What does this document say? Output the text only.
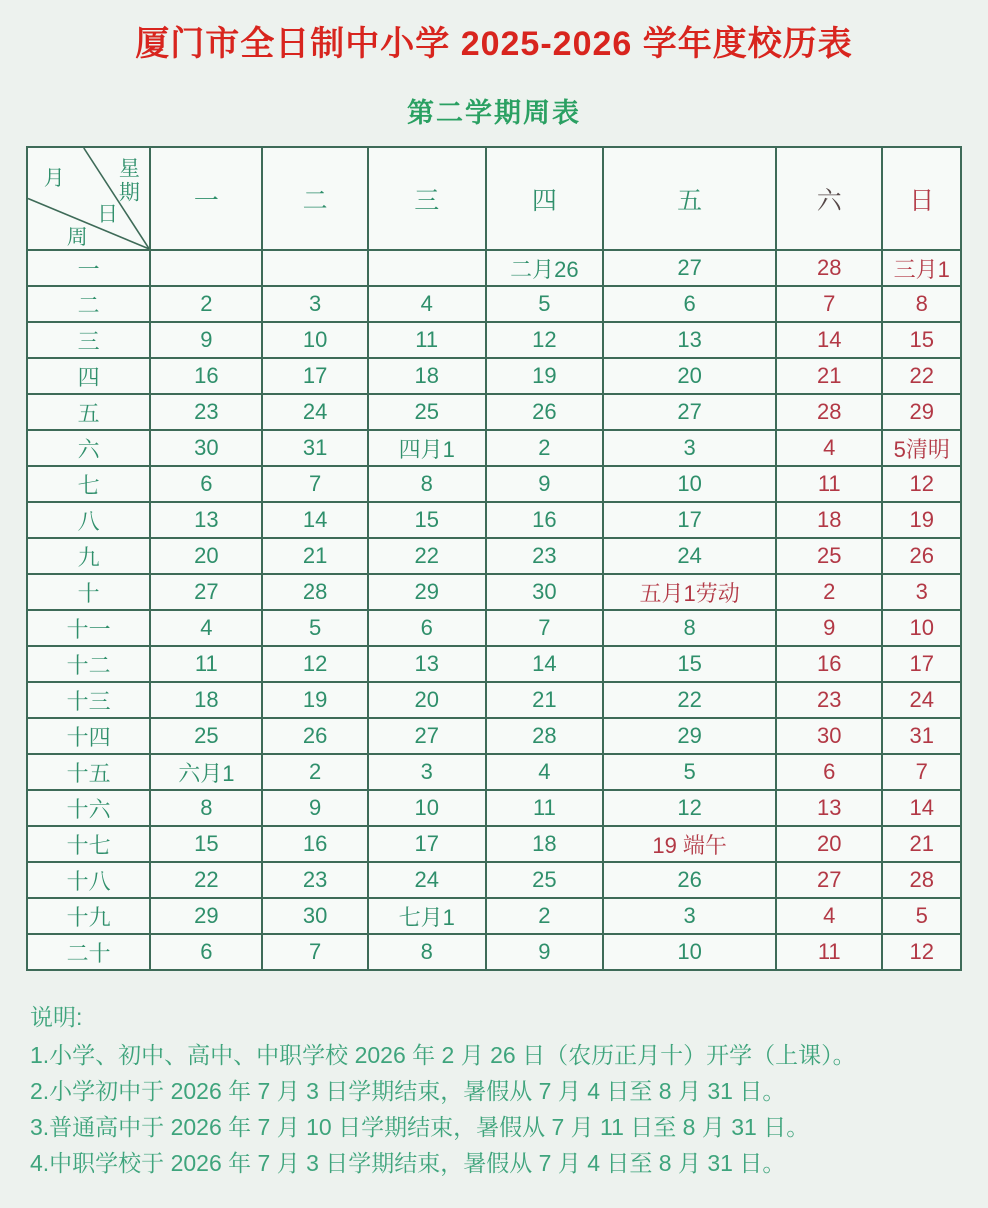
厦门市全日制中小学 2025-2026 学年度校历表
第二学期周表
月 星期
日
周	一	二	三	四	五	六	日
一				二月26	27	28	三月1
二	2	3	4	5	6	7	8
三	9	10	11	12	13	14	15
四	16	17	18	19	20	21	22
五	23	24	25	26	27	28	29
六	30	31	四月1	2	3	4	5清明
七	6	7	8	9	10	11	12
八	13	14	15	16	17	18	19
九	20	21	22	23	24	25	26
十	27	28	29	30	五月1劳动	2	3
十一	4	5	6	7	8	9	10
十二	11	12	13	14	15	16	17
十三	18	19	20	21	22	23	24
十四	25	26	27	28	29	30	31
十五	六月1	2	3	4	5	6	7
十六	8	9	10	11	12	13	14
十七	15	16	17	18	19 端午	20	21
十八	22	23	24	25	26	27	28
十九	29	30	七月1	2	3	4	5
二十	6	7	8	9	10	11	12
说明:
1.小学、初中、高中、中职学校 2026 年 2 月 26 日（农历正月十）开学（上课）。
2.小学初中于 2026 年 7 月 3 日学期结束，暑假从 7 月 4 日至 8 月 31 日。
3.普通高中于 2026 年 7 月 10 日学期结束，暑假从 7 月 11 日至 8 月 31 日。
4.中职学校于 2026 年 7 月 3 日学期结束，暑假从 7 月 4 日至 8 月 31 日。
